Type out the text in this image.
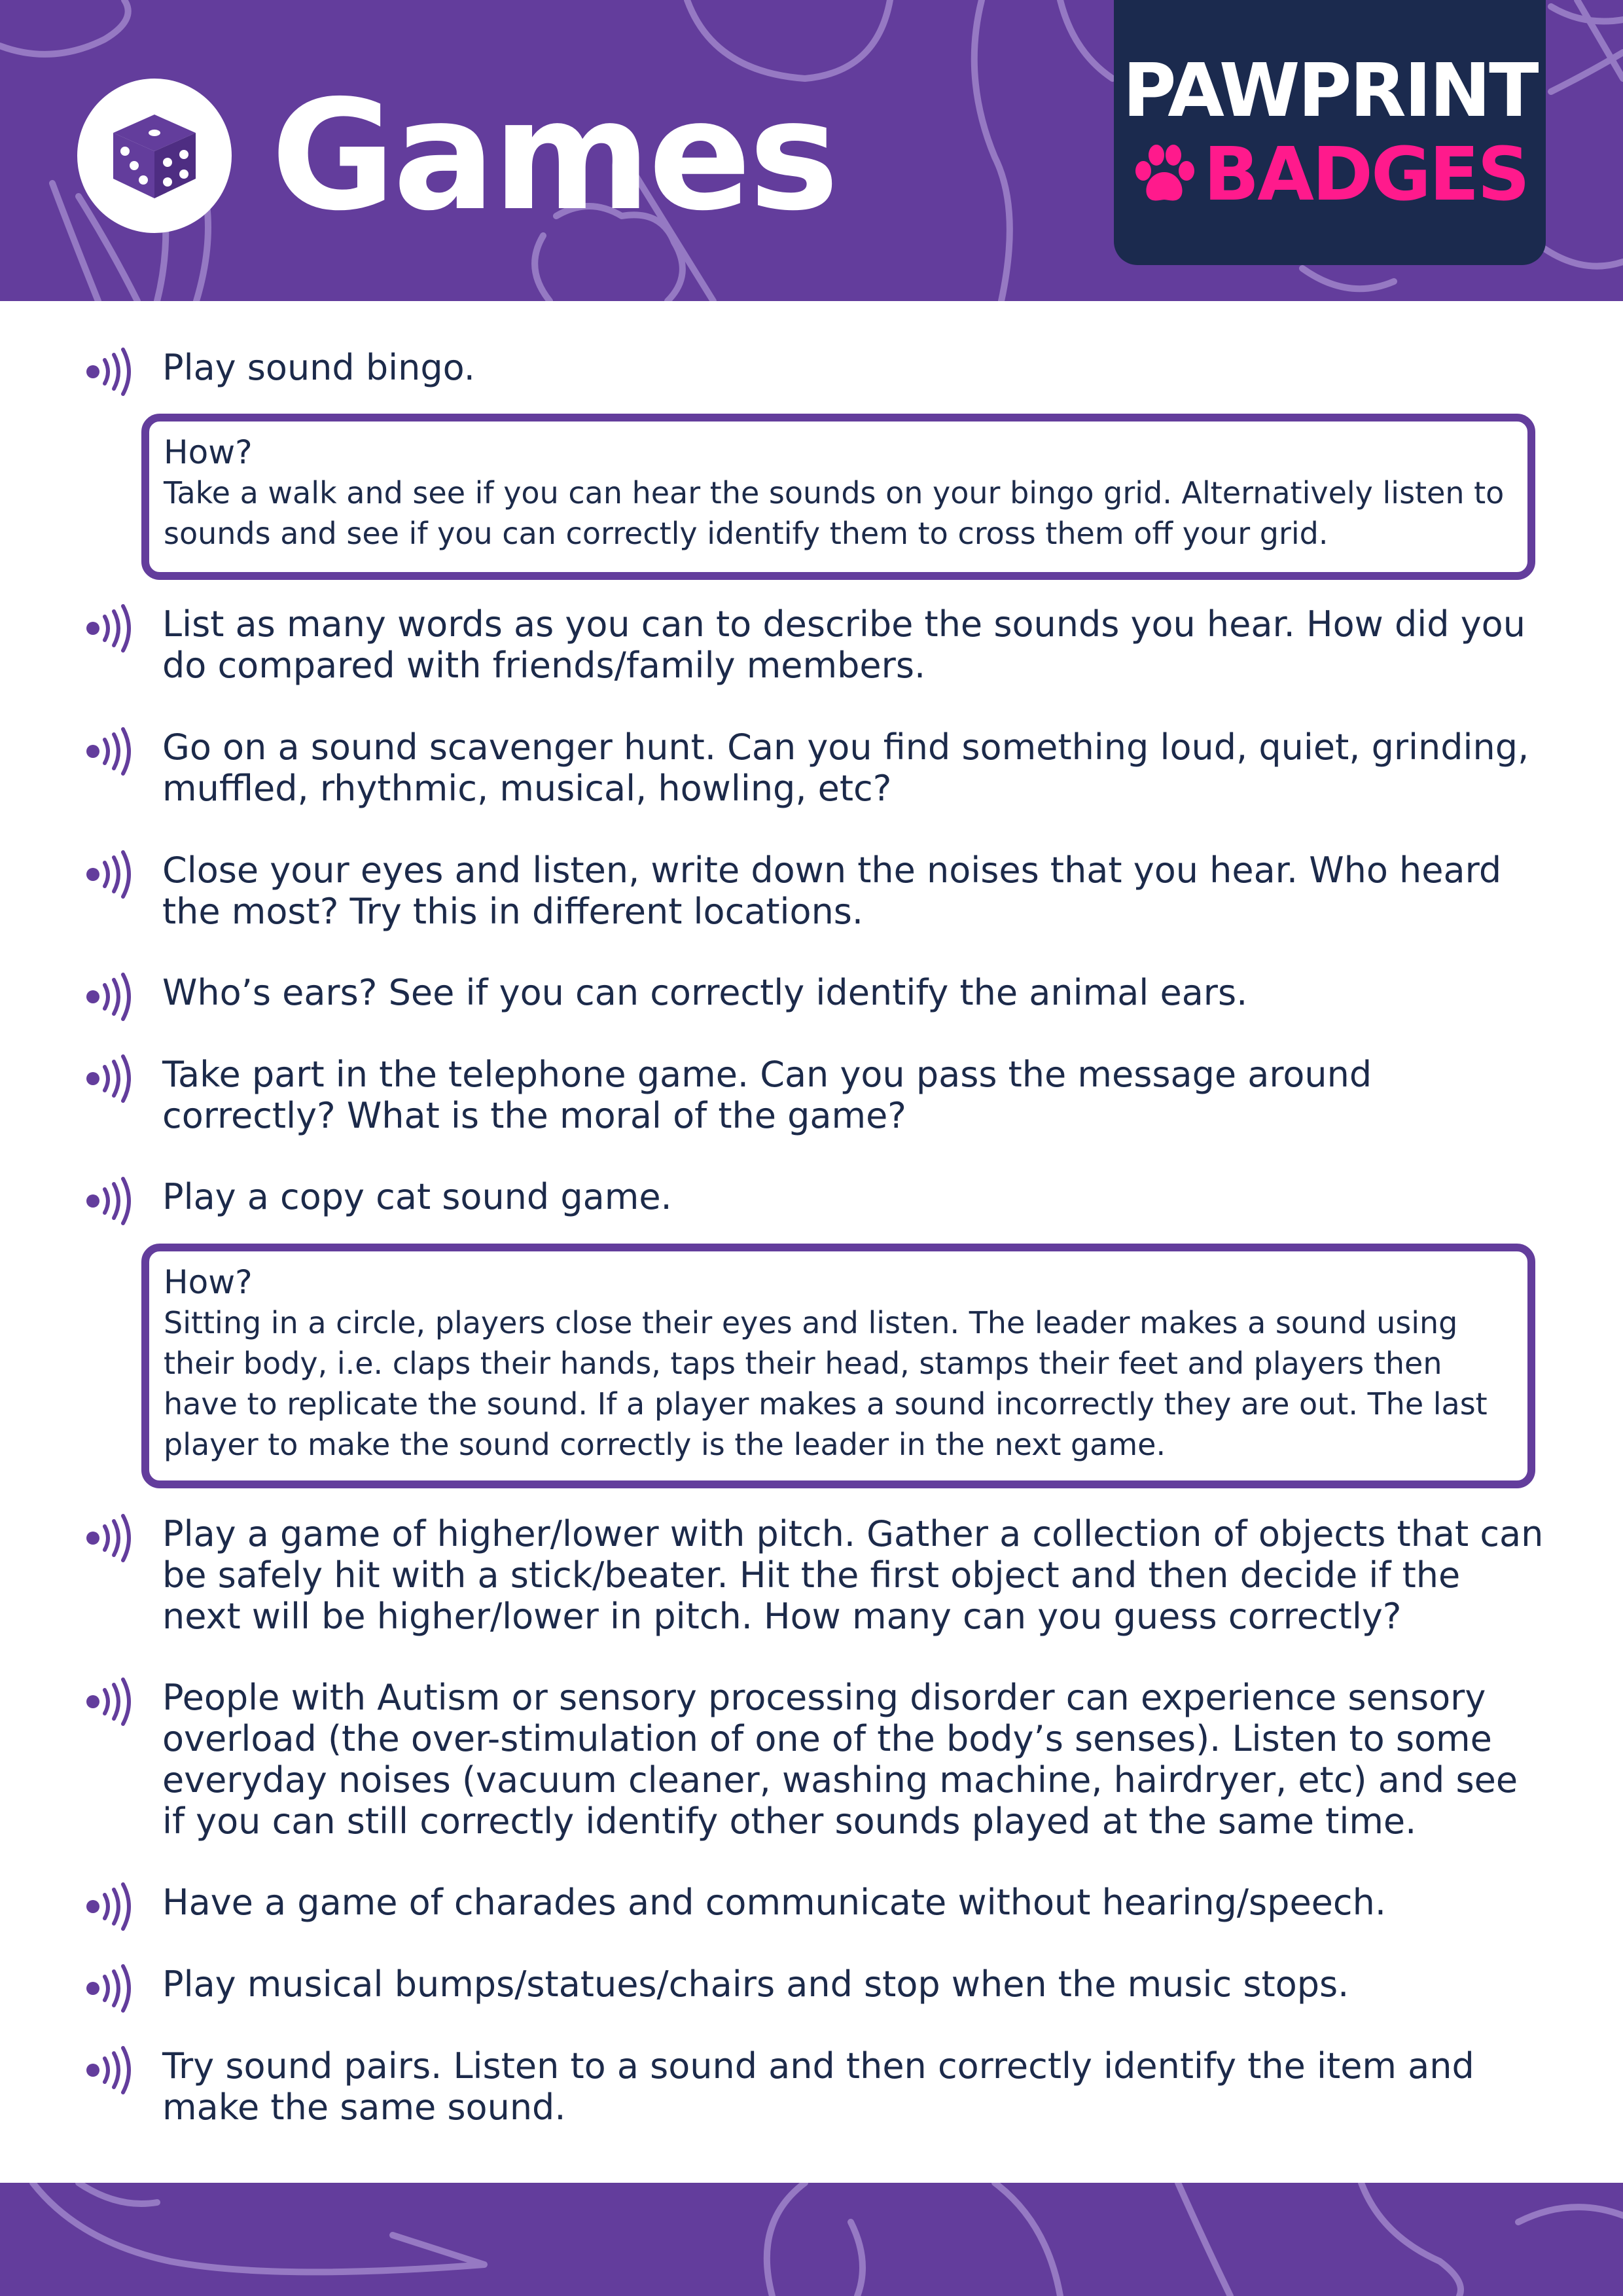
Games	PAWPRINT
BADGES
Play sound bingo.
How?
Take a walk and see if you can hear the sounds on your bingo grid. Alternatively listen to sounds and see if you can correctly identify them to cross them off your grid.
List as many words as you can to describe the sounds you hear. How did you do compared with friends/family members.
Go on a sound scavenger hunt. Can you find something loud, quiet, grinding, muffled, rhythmic, musical, howling, etc?
Close your eyes and listen, write down the noises that you hear. Who heard the most? Try this in different locations.
Who’s ears? See if you can correctly identify the animal ears.
Take part in the telephone game. Can you pass the message around correctly? What is the moral of the game?
Play a copy cat sound game.
How?
Sitting in a circle, players close their eyes and listen. The leader makes a sound using their body, i.e. claps their hands, taps their head, stamps their feet and players then have to replicate the sound. If a player makes a sound incorrectly they are out. The last player to make the sound correctly is the leader in the next game.
Play a game of higher/lower with pitch. Gather a collection of objects that can be safely hit with a stick/beater. Hit the first object and then decide if the next will be higher/lower in pitch. How many can you guess correctly?
People with Autism or sensory processing disorder can experience sensory overload (the over-stimulation of one of the body’s senses). Listen to some everyday noises (vacuum cleaner, washing machine, hairdryer, etc) and see if you can still correctly identify other sounds played at the same time.
Have a game of charades and communicate without hearing/speech.
Play musical bumps/statues/chairs and stop when the music stops.
Try sound pairs. Listen to a sound and then correctly identify the item and make the same sound.
